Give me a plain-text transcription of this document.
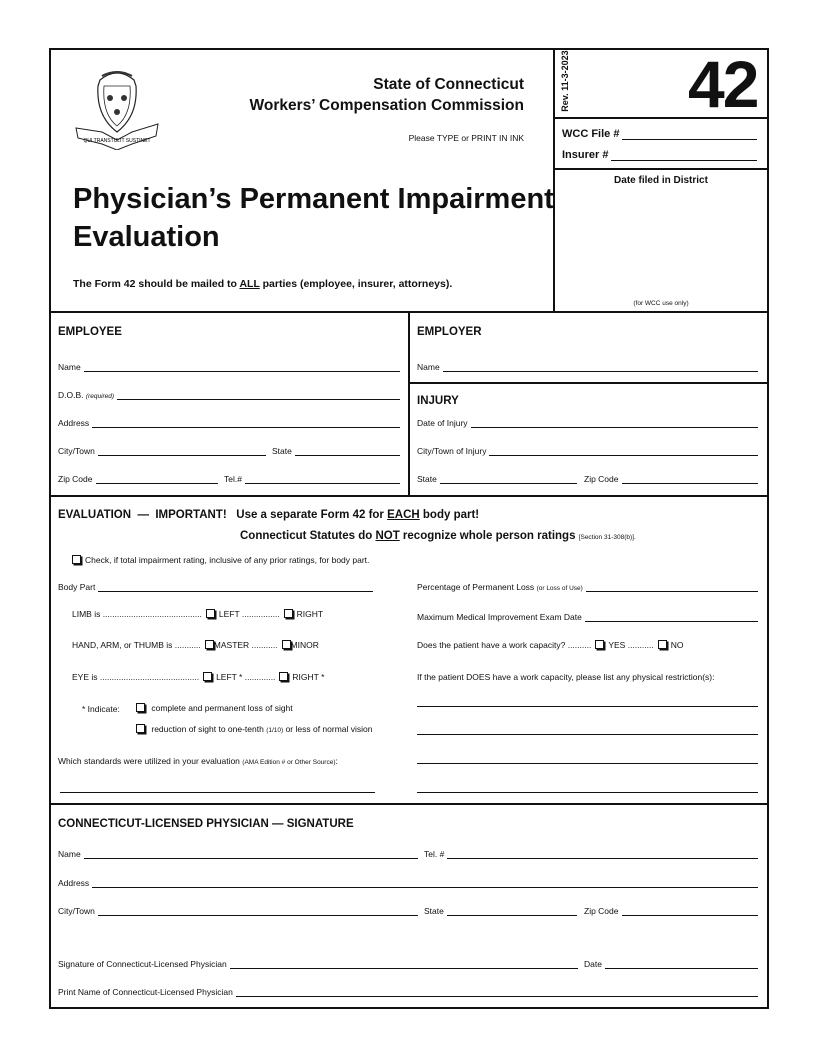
QUI TRANSTULIT SUSTINET
State of Connecticut
Workers’ Compensation Commission
Please TYPE or PRINT IN INK
Physician’s Permanent Impairment
Evaluation
The Form 42 should be mailed to ALL parties (employee, insurer, attorneys).
Rev. 11-3-2023 42
WCC File #
Insurer #
Date filed in District
(for WCC use only)
EMPLOYEE
Name
D.O.B.
(required)
Address
City/Town	State
Zip Code	Tel.#
EMPLOYER
Name
INJURY
Date of Injury
City/Town of Injury
State	Zip Code
EVALUATION — IMPORTANT! Use a separate Form 42 for EACH body part!
Connecticut Statutes do NOT recognize whole person ratings [Section 31-308(b)].
Check, if total impairment rating, inclusive of any prior ratings, for body part.
Body Part
LIMB is .......................................... LEFT ................ RIGHT
HAND, ARM, or THUMB is ........... MASTER ........... MINOR
EYE is .......................................... LEFT * ............. RIGHT *
* Indicate:	complete and permanent loss of sight
reduction of sight to one-tenth (1/10) or less of normal vision
Which standards were utilized in your evaluation (AMA Edition # or Other Source):
Percentage of Permanent Loss
(or Loss of Use)
Maximum Medical Improvement Exam Date
Does the patient have a work capacity? .......... YES ........... NO
If the patient DOES have a work capacity, please list any physical restriction(s):
CONNECTICUT-LICENSED PHYSICIAN — SIGNATURE
Name	Tel. #
Address
City/Town	State	Zip Code
Signature of Connecticut-Licensed Physician	Date
Print Name of Connecticut-Licensed Physician
